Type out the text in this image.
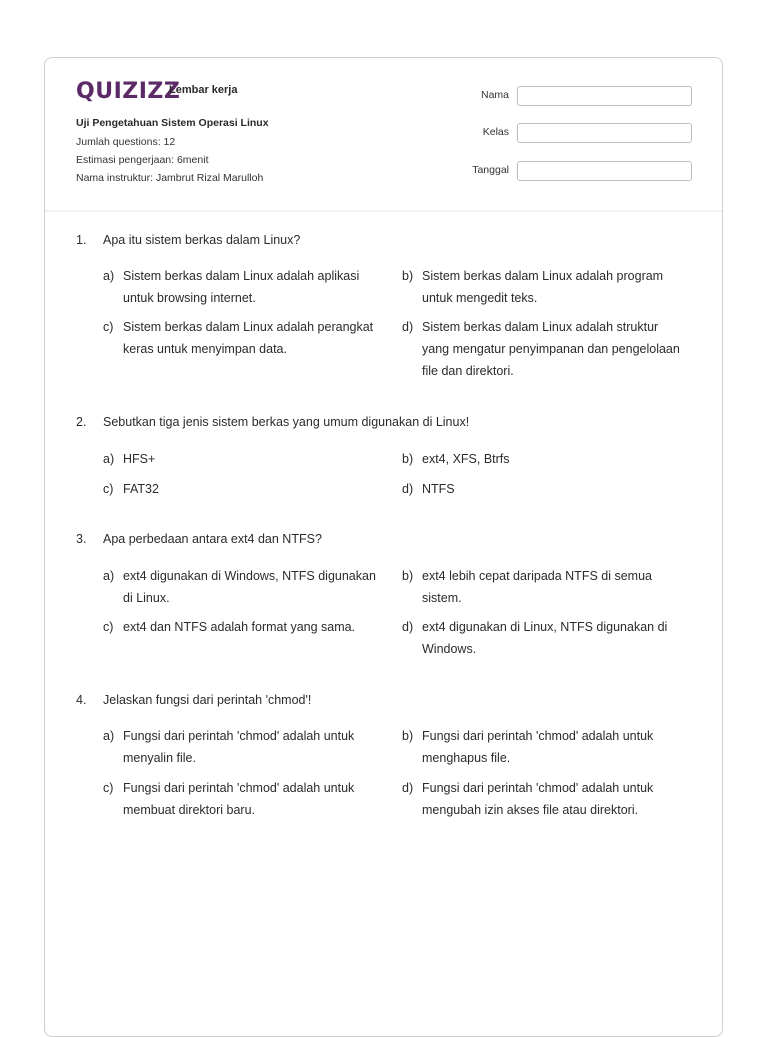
QUIZIZZ
Lembar kerja
Uji Pengetahuan Sistem Operasi Linux
Jumlah questions: 12
Estimasi pengerjaan: 6menit
Nama instruktur: Jambrut Rizal Marulloh
Nama
Kelas
Tanggal
1. Apa itu sistem berkas dalam Linux?
a) Sistem berkas dalam Linux adalah aplikasi untuk browsing internet.
b) Sistem berkas dalam Linux adalah program untuk mengedit teks.
c) Sistem berkas dalam Linux adalah perangkat keras untuk menyimpan data.
d) Sistem berkas dalam Linux adalah struktur yang mengatur penyimpanan dan pengelolaan file dan direktori.
2. Sebutkan tiga jenis sistem berkas yang umum digunakan di Linux!
a) HFS+	b) ext4, XFS, Btrfs
c) FAT32	d) NTFS
3. Apa perbedaan antara ext4 dan NTFS?
a) ext4 digunakan di Windows, NTFS digunakan di Linux.
b) ext4 lebih cepat daripada NTFS di semua sistem.
c) ext4 dan NTFS adalah format yang sama.	d) ext4 digunakan di Linux, NTFS digunakan di Windows.
4. Jelaskan fungsi dari perintah 'chmod'!
a) Fungsi dari perintah 'chmod' adalah untuk menyalin file.
b) Fungsi dari perintah 'chmod' adalah untuk menghapus file.
c) Fungsi dari perintah 'chmod' adalah untuk membuat direktori baru.
d) Fungsi dari perintah 'chmod' adalah untuk mengubah izin akses file atau direktori.
